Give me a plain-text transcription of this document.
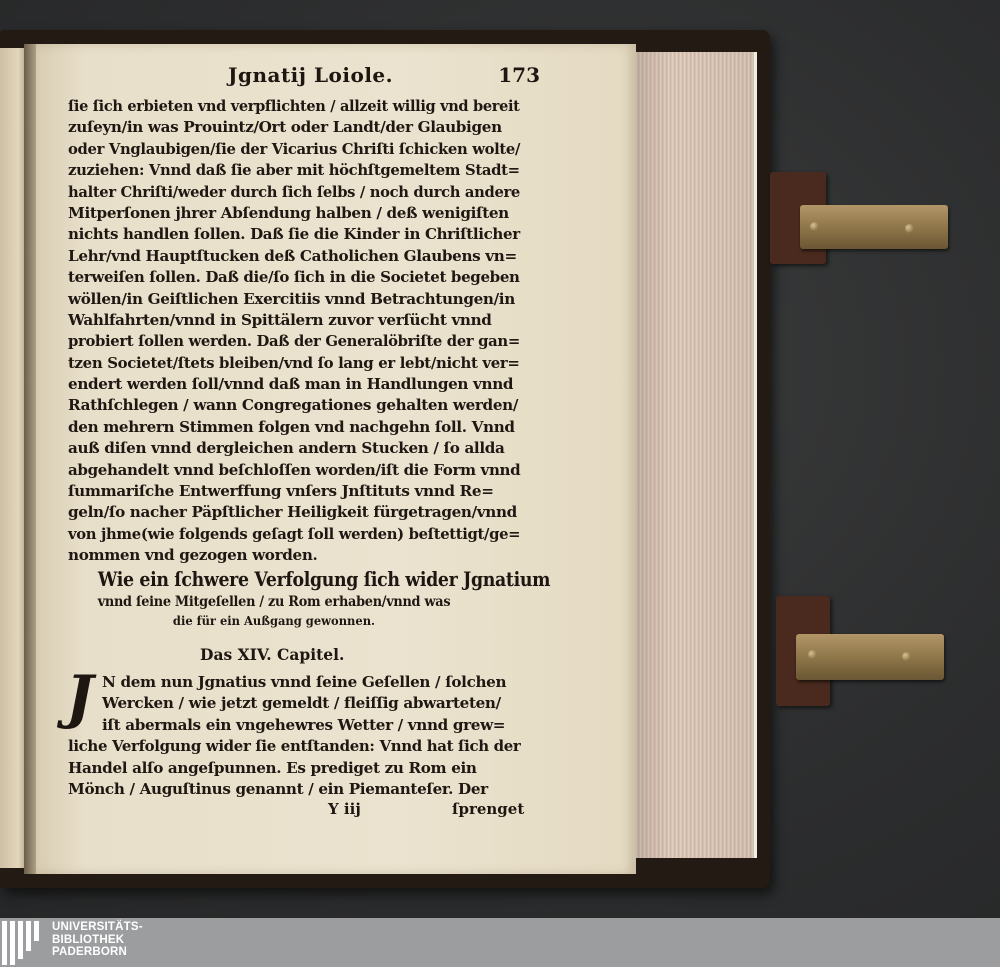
Jgnatij Loiole.	173
ſie ſich erbieten vnd verpflichten / allzeit willig vnd bereit
zuſeyn/in was Prouintz/Ort oder Landt/der Glaubigen
oder Vnglaubigen/ſie der Vicarius Chriſti ſchicken wolte/
zuziehen: Vnnd daß ſie aber mit höchſtgemeltem Stadt=
halter Chriſti/weder durch ſich ſelbs / noch durch andere
Mitperſonen jhrer Abſendung halben / deß wenigiſten
nichts handlen ſollen. Daß ſie die Kinder in Chriſtlicher
Lehr/vnd Hauptſtucken deß Catholichen Glaubens vn=
terweiſen ſollen. Daß die/ſo ſich in die Societet begeben
wöllen/in Geiſtlichen Exercitiis vnnd Betrachtungen/in
Wahlfahrten/vnnd in Spittälern zuvor verſücht vnnd
probiert ſollen werden. Daß der Generalöbriſte der gan=
tzen Societet/ſtets bleiben/vnd ſo lang er lebt/nicht ver=
endert werden ſoll/vnnd daß man in Handlungen vnnd
Rathſchlegen / wann Congregationes gehalten werden/
den mehrern Stimmen folgen vnd nachgehn ſoll. Vnnd
auß diſen vnnd dergleichen andern Stucken / ſo allda
abgehandelt vnnd beſchloſſen worden/iſt die Form vnnd
ſummariſche Entwerffung vnſers Jnſtituts vnnd Re=
geln/ſo nacher Päpſtlicher Heiligkeit fürgetragen/vnnd
von jhme(wie folgends geſagt ſoll werden) beſtettigt/ge=
nommen vnd gezogen worden.
Wie ein ſchwere Verfolgung ſich wider Jgnatium
vnnd ſeine Mitgeſellen / zu Rom erhaben/vnnd was
die für ein Außgang gewonnen.
Das XIV. Capitel.
J N dem nun Jgnatius vnnd ſeine Geſellen / ſolchen
Wercken / wie jetzt gemeldt / fleiſſig abwarteten/
iſt abermals ein vngehewres Wetter / vnnd grew=
liche Verfolgung wider ſie entſtanden: Vnnd hat ſich der
Handel alſo angeſpunnen. Es prediget zu Rom ein
Mönch / Auguſtinus genannt / ein Piemanteſer. Der
Y iij	ſprenget
UNIVERSITÄTS-
BIBLIOTHEK
PADERBORN
